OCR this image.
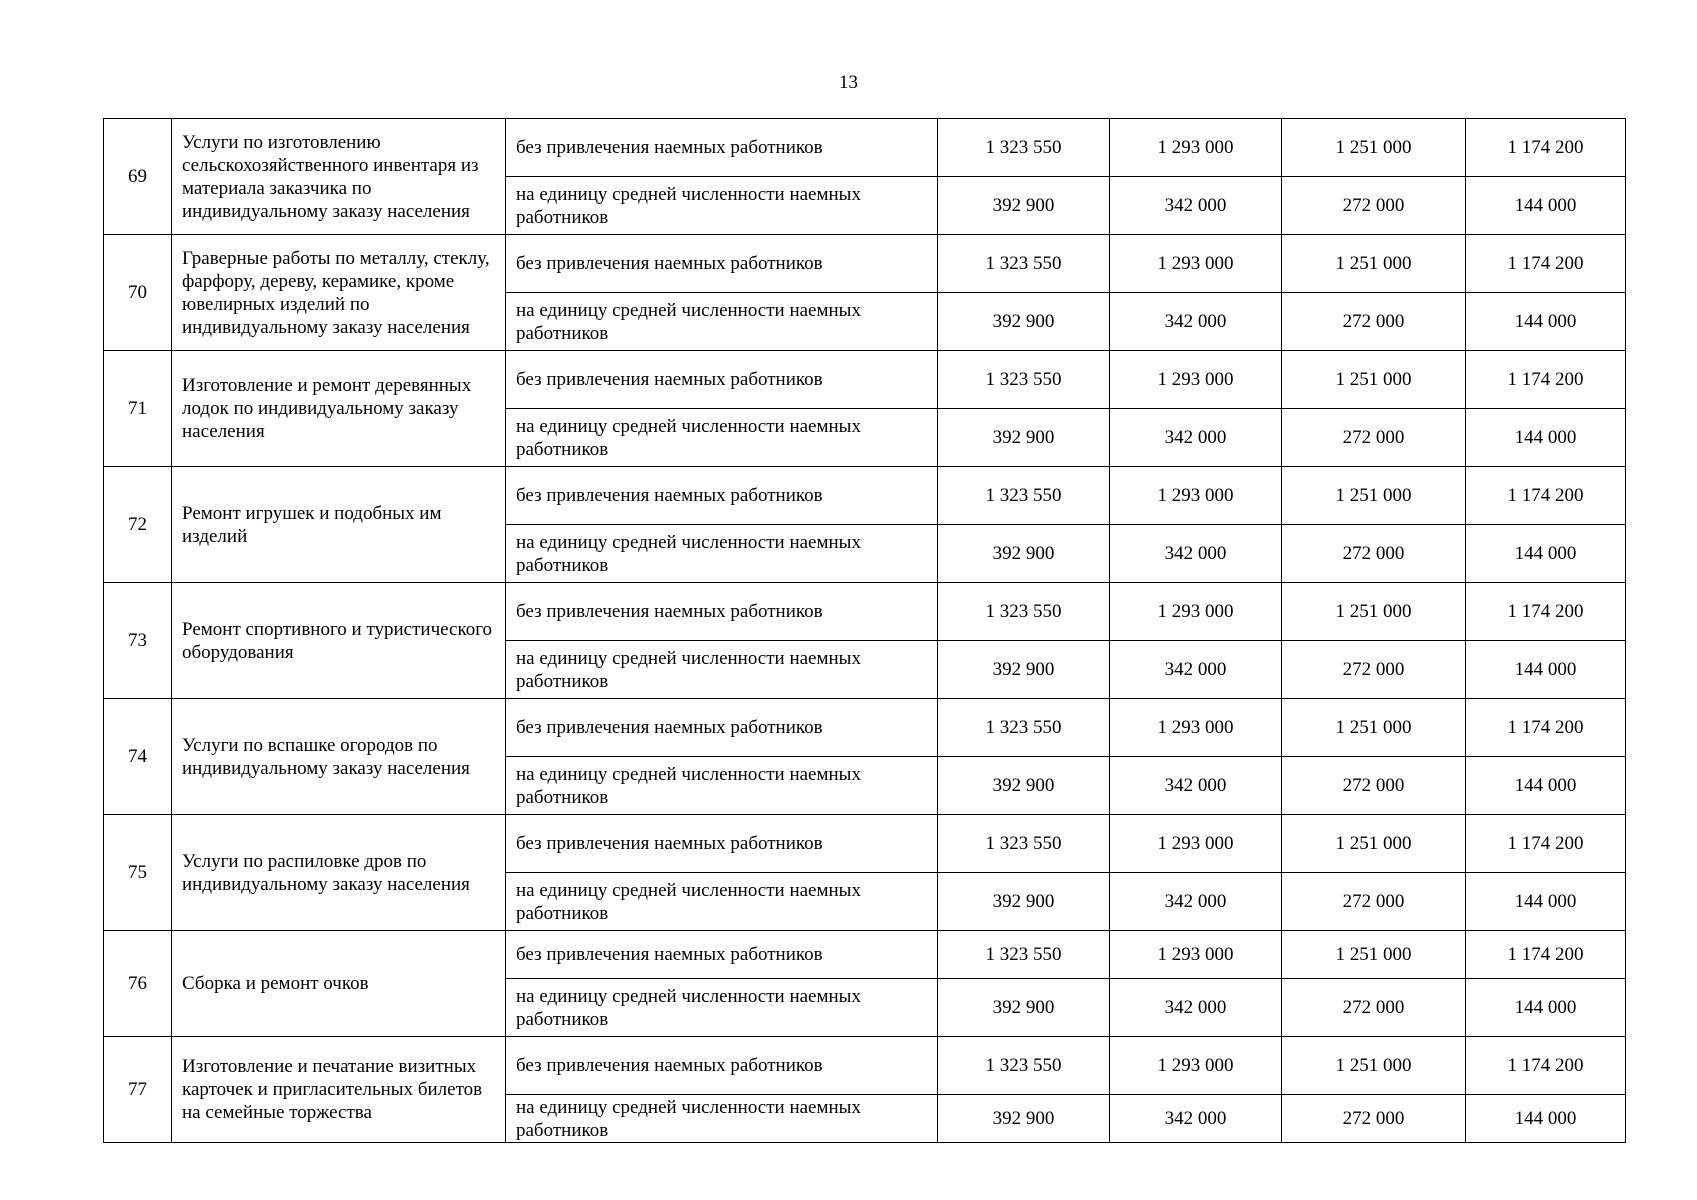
13
69	Услуги по изготовлению сельскохозяйственного инвентаря из материала заказчика по индивидуальному заказу населения	без привлечения наемных работников	1 323 550	1 293 000	1 251 000	1 174 200
		на единицу средней численности наемных работников	392 900	342 000	272 000	144 000
70	Граверные работы по металлу, стеклу, фарфору, дереву, керамике, кроме ювелирных изделий по индивидуальному заказу населения	без привлечения наемных работников	1 323 550	1 293 000	1 251 000	1 174 200
		на единицу средней численности наемных работников	392 900	342 000	272 000	144 000
71	Изготовление и ремонт деревянных лодок по индивидуальному заказу населения	без привлечения наемных работников	1 323 550	1 293 000	1 251 000	1 174 200
		на единицу средней численности наемных работников	392 900	342 000	272 000	144 000
72	Ремонт игрушек и подобных им изделий	без привлечения наемных работников	1 323 550	1 293 000	1 251 000	1 174 200
		на единицу средней численности наемных работников	392 900	342 000	272 000	144 000
73	Ремонт спортивного и туристического оборудования	без привлечения наемных работников	1 323 550	1 293 000	1 251 000	1 174 200
		на единицу средней численности наемных работников	392 900	342 000	272 000	144 000
74	Услуги по вспашке огородов по индивидуальному заказу населения	без привлечения наемных работников	1 323 550	1 293 000	1 251 000	1 174 200
		на единицу средней численности наемных работников	392 900	342 000	272 000	144 000
75	Услуги по распиловке дров по индивидуальному заказу населения	без привлечения наемных работников	1 323 550	1 293 000	1 251 000	1 174 200
		на единицу средней численности наемных работников	392 900	342 000	272 000	144 000
76	Сборка и ремонт очков	без привлечения наемных работников	1 323 550	1 293 000	1 251 000	1 174 200
		на единицу средней численности наемных работников	392 900	342 000	272 000	144 000
77	Изготовление и печатание визитных карточек и пригласительных билетов на семейные торжества	без привлечения наемных работников	1 323 550	1 293 000	1 251 000	1 174 200
		на единицу средней численности наемных работников	392 900	342 000	272 000	144 000
